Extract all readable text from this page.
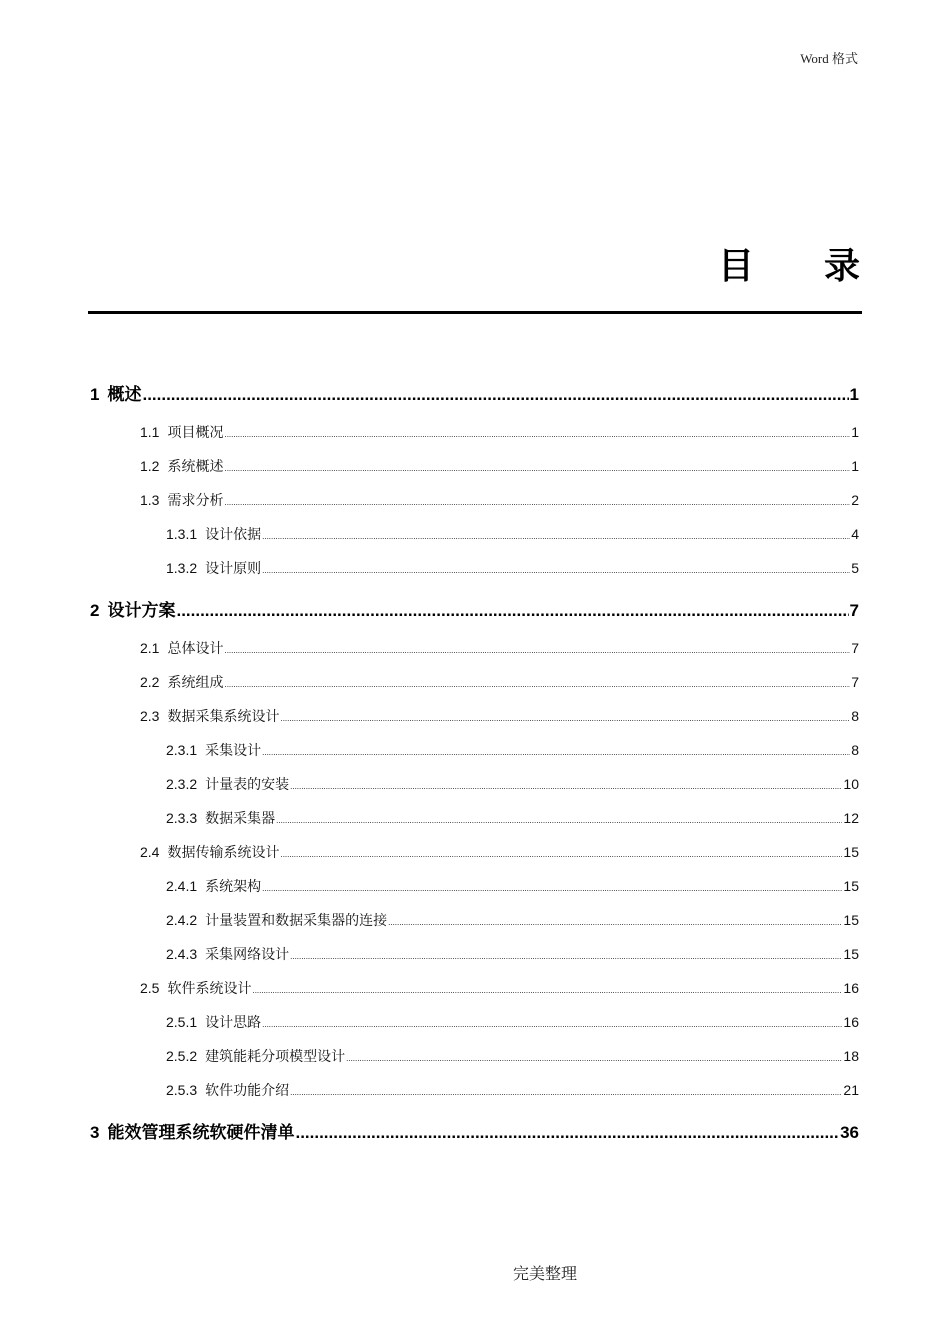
Word 格式
目 录
1 概述 .....	1
1.1 项目概况 .....	1
1.2 系统概述 .....	1
1.3 需求分析 .....	2
1.3.1 设计依据 .....	4
1.3.2 设计原则 .....	5
2 设计方案 .....	7
2.1 总体设计 .....	7
2.2 系统组成 .....	7
2.3 数据采集系统设计 .....	8
2.3.1 采集设计 .....	8
2.3.2 计量表的安装 .....	10
2.3.3 数据采集器 .....	12
2.4 数据传输系统设计 .....	15
2.4.1 系统架构 .....	15
2.4.2 计量装置和数据采集器的连接 .....	15
2.4.3 采集网络设计 .....	15
2.5 软件系统设计 .....	16
2.5.1 设计思路 .....	16
2.5.2 建筑能耗分项模型设计 .....	18
2.5.3 软件功能介绍 .....	21
3 能效管理系统软硬件清单 .....	36
完美整理
